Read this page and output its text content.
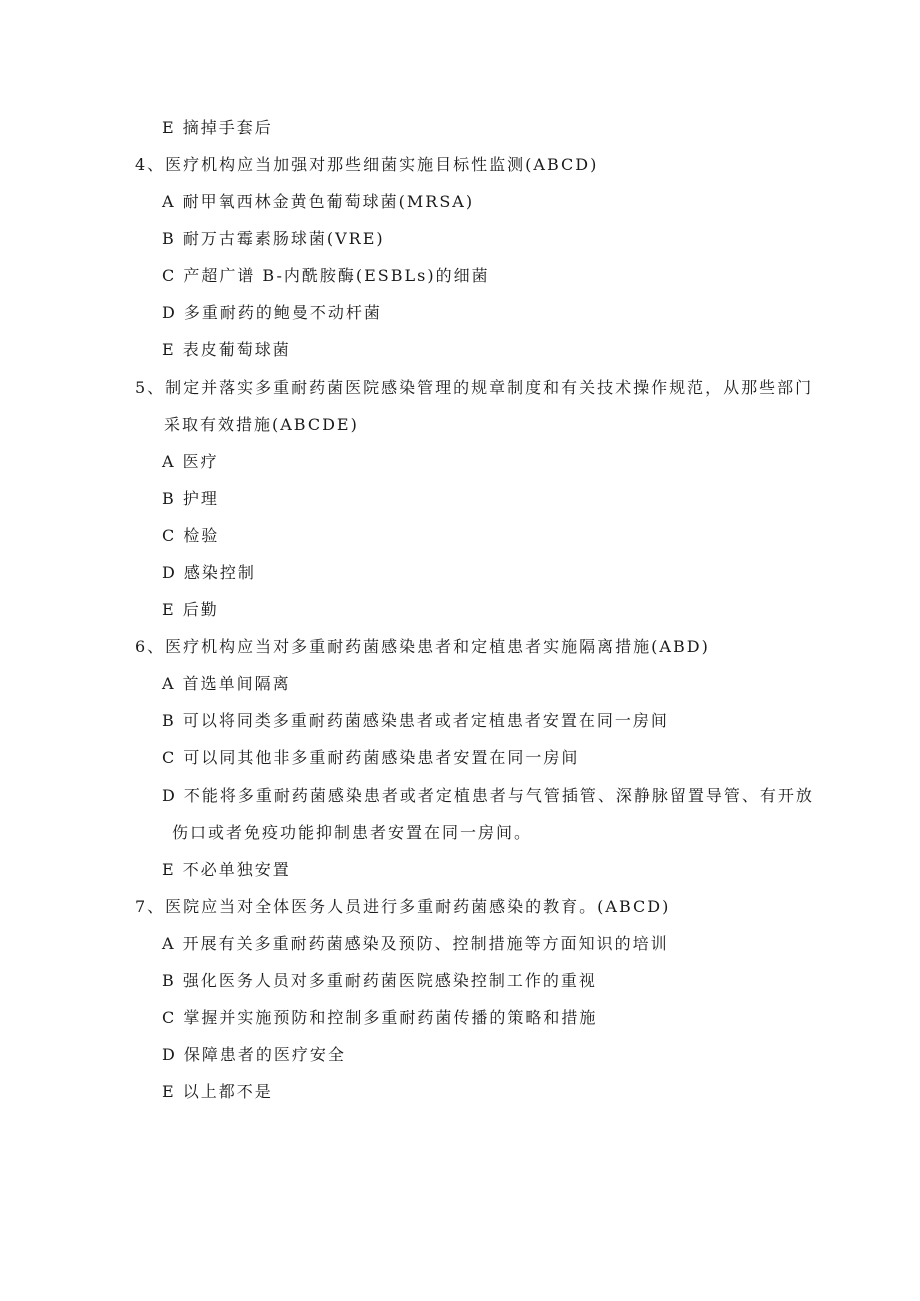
E 摘掉手套后
4、医疗机构应当加强对那些细菌实施目标性监测(ABCD)
A 耐甲氧西林金黄色葡萄球菌(MRSA)
B 耐万古霉素肠球菌(VRE)
C 产超广谱 B-内酰胺酶(ESBLs)的细菌
D 多重耐药的鲍曼不动杆菌
E 表皮葡萄球菌
5、制定并落实多重耐药菌医院感染管理的规章制度和有关技术操作规范，从那些部门
采取有效措施(ABCDE)
A 医疗
B 护理
C 检验
D 感染控制
E 后勤
6、医疗机构应当对多重耐药菌感染患者和定植患者实施隔离措施(ABD)
A 首选单间隔离
B 可以将同类多重耐药菌感染患者或者定植患者安置在同一房间
C 可以同其他非多重耐药菌感染患者安置在同一房间
D 不能将多重耐药菌感染患者或者定植患者与气管插管、深静脉留置导管、有开放
伤口或者免疫功能抑制患者安置在同一房间。
E 不必单独安置
7、医院应当对全体医务人员进行多重耐药菌感染的教育。(ABCD)
A 开展有关多重耐药菌感染及预防、控制措施等方面知识的培训
B 强化医务人员对多重耐药菌医院感染控制工作的重视
C 掌握并实施预防和控制多重耐药菌传播的策略和措施
D 保障患者的医疗安全
E 以上都不是
